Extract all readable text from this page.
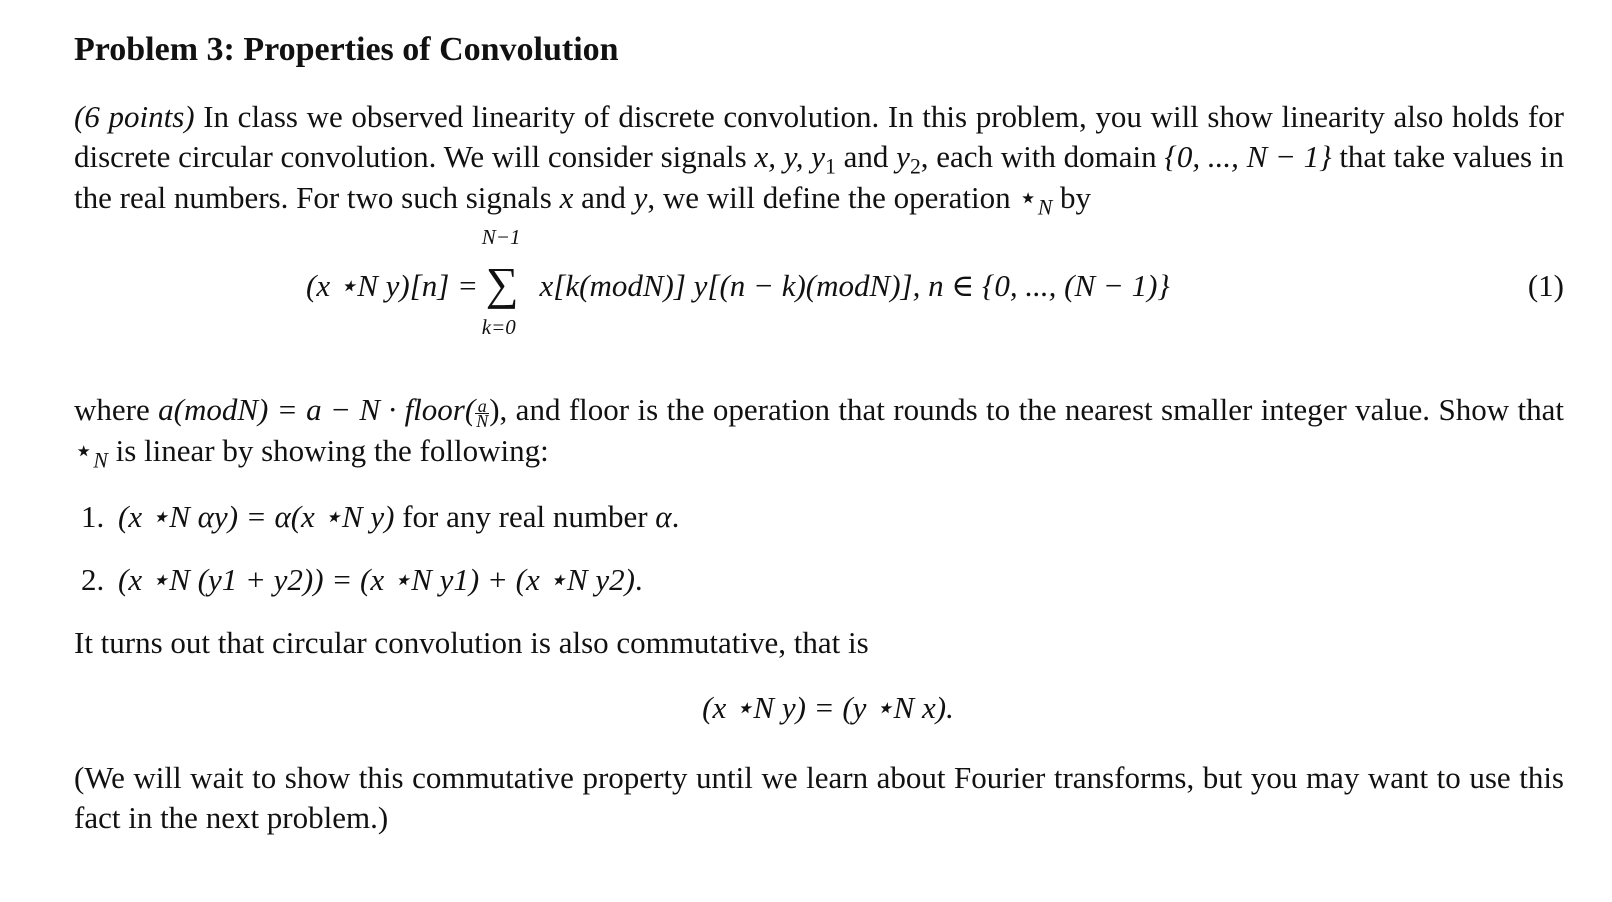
Problem 3: Properties of Convolution

(6 points) In class we observed linearity of discrete convolution. In this problem, you will show linearity also holds for discrete circular convolution. We will consider signals x, y, $y_1$ and $y_2$, each with domain {0, ..., N − 1} that take values in the real numbers. For two such signals x and y, we will define the operation $⋆_N$ by

(x ⋆N y)[n] =
N−1
∑
k=0
x[k(modN)] y[(n − k)(modN)], n ∈ {0, ..., (N − 1)}	(1)

where a(modN) = a − N · floor( $\frac{a}{N}$ ), and floor is the operation that rounds to the nearest smaller integer value. Show that $⋆_N$ is linear by showing the following:

1. (x ⋆N αy) = α(x ⋆N y) for any real number α.
2. (x ⋆N (y1 + y2)) = (x ⋆N y1) + (x ⋆N y2).

It turns out that circular convolution is also commutative, that is

(x ⋆N y) = (y ⋆N x).

(We will wait to show this commutative property until we learn about Fourier transforms, but you may want to use this fact in the next problem.)
